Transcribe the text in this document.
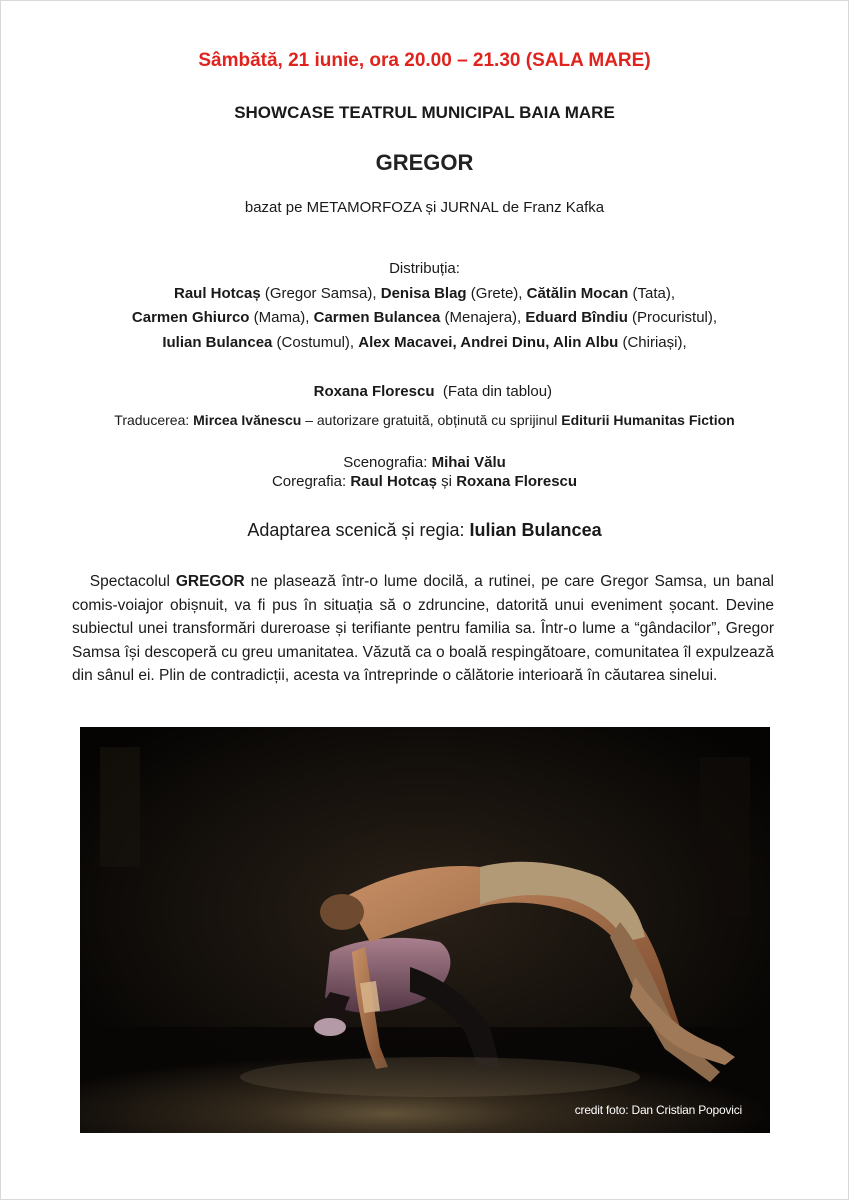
Sâmbătă, 21 iunie, ora 20.00 – 21.30 (SALA MARE)
SHOWCASE TEATRUL MUNICIPAL BAIA MARE
GREGOR
bazat pe METAMORFOZA și JURNAL de Franz Kafka
Distribuția:
Raul Hotcaș (Gregor Samsa), Denisa Blag (Grete), Cătălin Mocan (Tata),
Carmen Ghiurco (Mama), Carmen Bulancea (Menajera), Eduard Bîndiu (Procuristul),
Iulian Bulancea (Costumul), Alex Macavei, Andrei Dinu, Alin Albu (Chiriași),

Roxana Florescu  (Fata din tablou)

Traducerea: Mircea Ivănescu – autorizare gratuită, obținută cu sprijinul Editurii Humanitas Fiction
Scenografia: Mihai Vălu
Coregrafia: Raul Hotcaș și Roxana Florescu
Adaptarea scenică și regia: Iulian Bulancea
Spectacolul GREGOR ne plasează într-o lume docilă, a rutinei, pe care Gregor Samsa, un banal comis-voiajor obișnuit, va fi pus în situația să o zdruncine, datorită unui eveniment șocant. Devine subiectul unei transformări dureroase și terifiante pentru familia sa. Într-o lume a “gândacilor”, Gregor Samsa își descoperă cu greu umanitatea. Văzută ca o boală respingătoare, comunitatea îl expulzează din sânul ei. Plin de contradicții, acesta va întreprinde o călătorie interioară în căutarea sinelui.
credit foto: Dan Cristian Popovici
